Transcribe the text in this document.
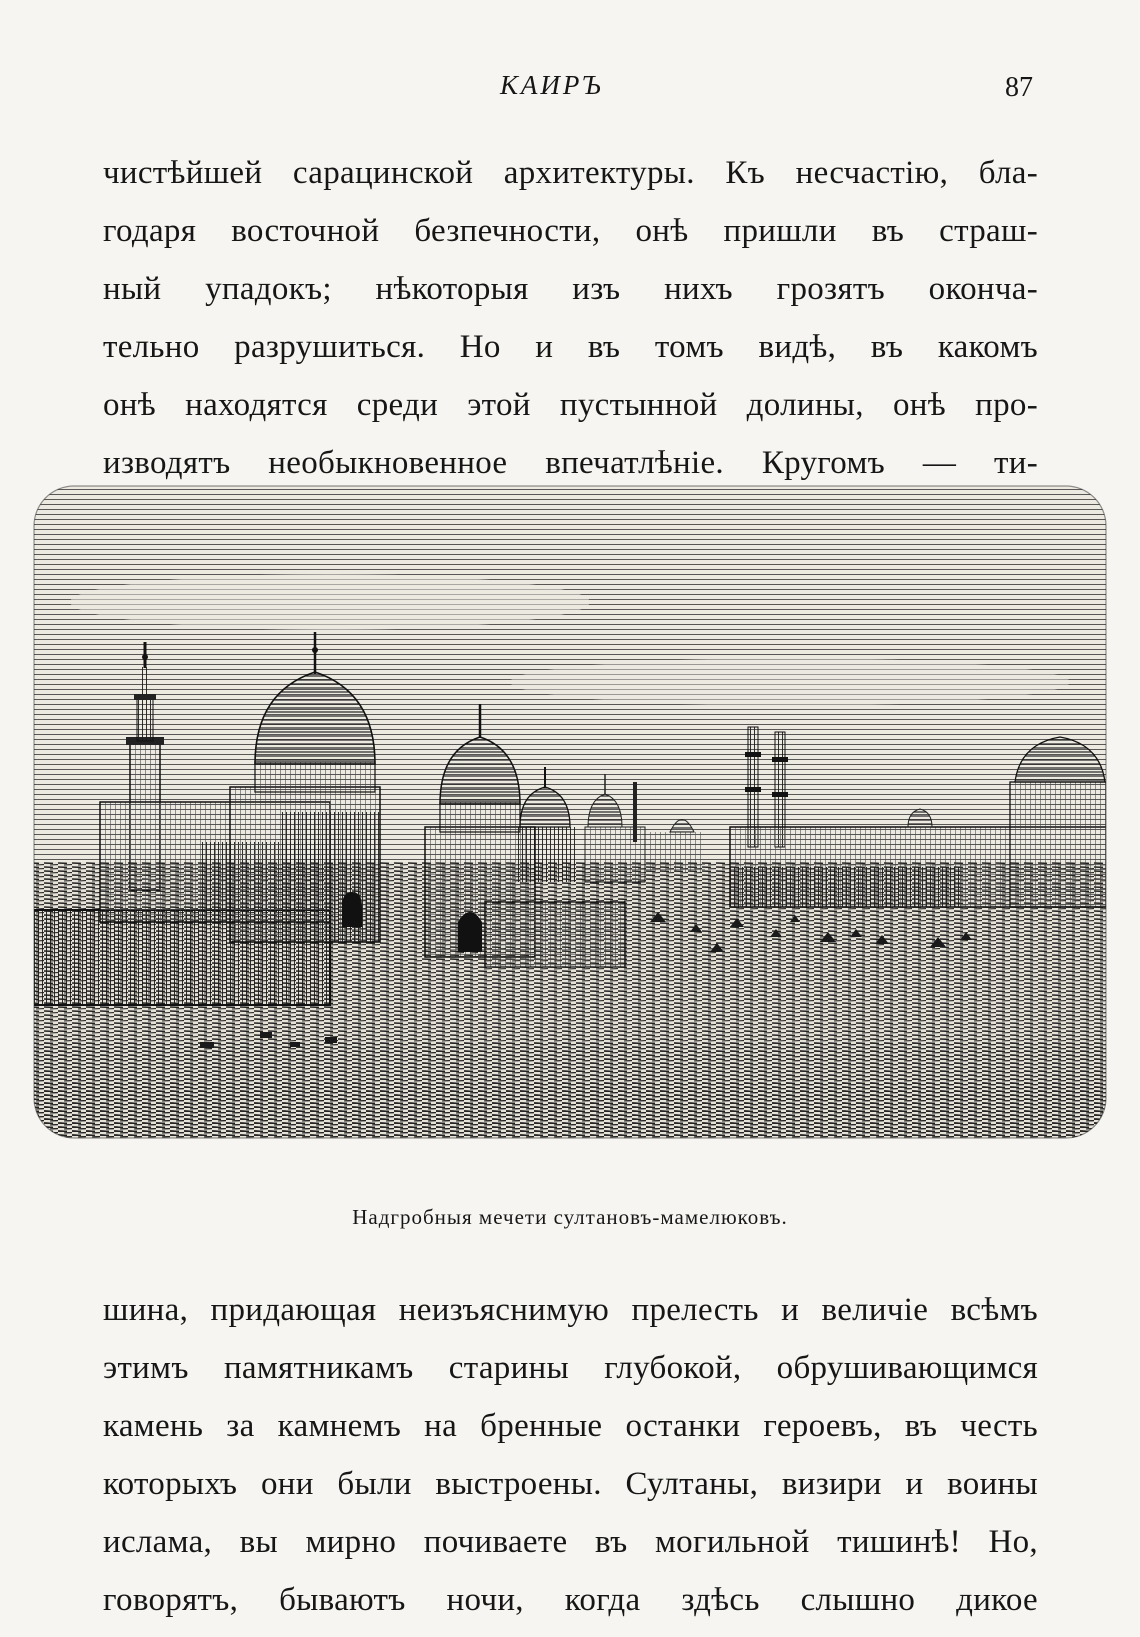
КАИРЪ	87
чистѣйшей сарацинской архитектуры. Къ несчастію, бла-
годаря восточной безпечности, онѣ пришли въ страш-
ный упадокъ; нѣкоторыя изъ нихъ грозятъ оконча-
тельно разрушиться. Но и въ томъ видѣ, въ какомъ
онѣ находятся среди этой пустынной долины, онѣ про-
изводятъ необыкновенное впечатлѣніе. Кругомъ — ти-
Надгробныя мечети султановъ-мамелюковъ.
шина, придающая неизъяснимую прелесть и величіе всѣмъ
этимъ памятникамъ старины глубокой, обрушивающимся
камень за камнемъ на бренные останки героевъ, въ честь
которыхъ они были выстроены. Султаны, визири и воины
ислама, вы мирно почиваете въ могильной тишинѣ! Но,
говорятъ, бываютъ ночи, когда здѣсь слышно дикое
